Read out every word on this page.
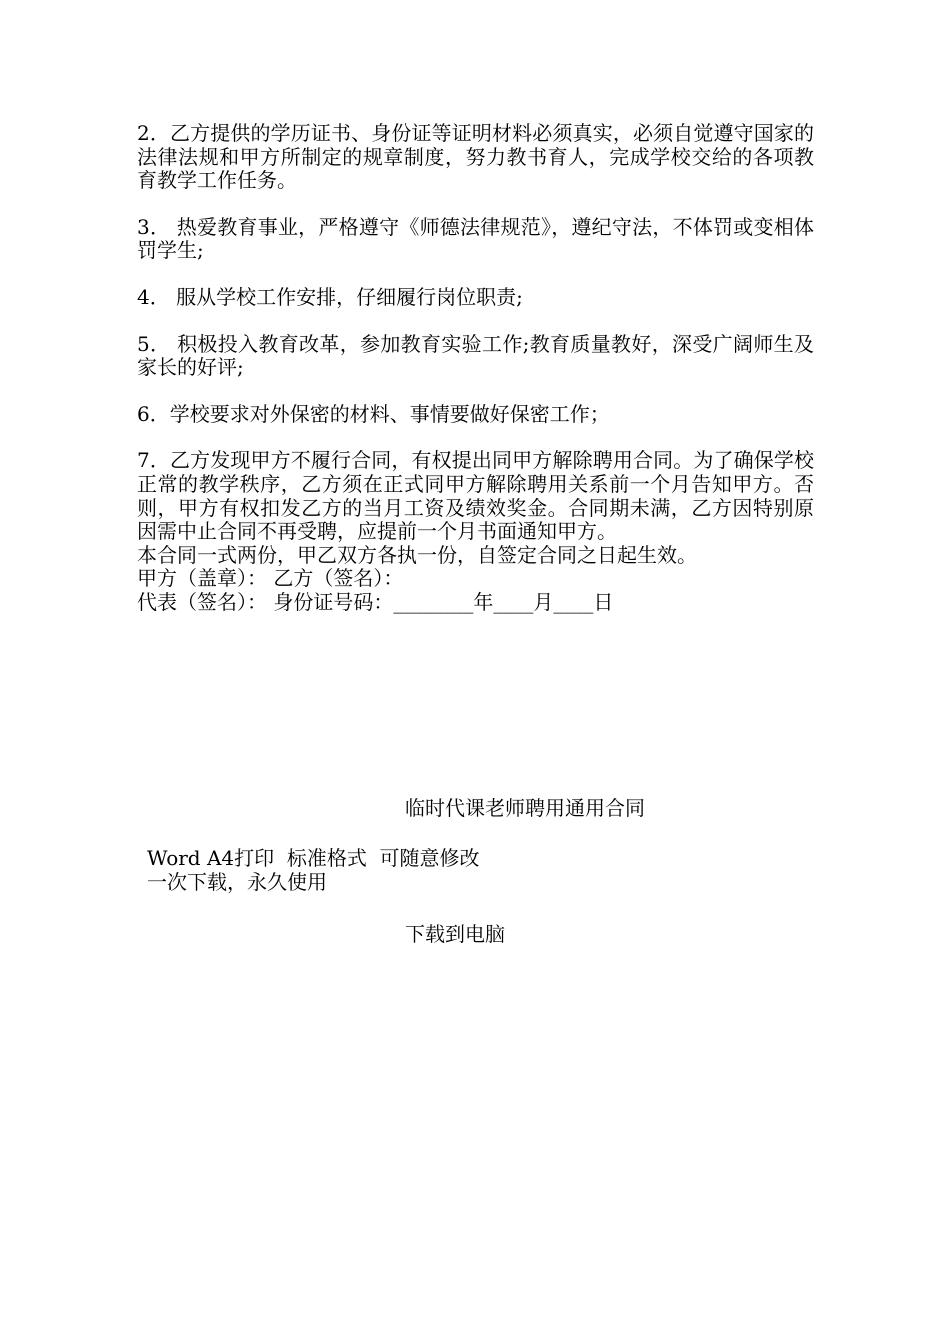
2．乙方提供的学历证书、身份证等证明材料必须真实，必须自觉遵守国家的法律法规和甲方所制定的规章制度，努力教书育人，完成学校交给的各项教育教学工作任务。

3． 热爱教育事业，严格遵守《师德法律规范》，遵纪守法，不体罚或变相体罚学生;

4． 服从学校工作安排，仔细履行岗位职责;

5． 积极投入教育改革，参加教育实验工作;教育质量教好，深受广阔师生及家长的好评;

6．学校要求对外保密的材料、事情要做好保密工作；

7．乙方发现甲方不履行合同，有权提出同甲方解除聘用合同。为了确保学校正常的教学秩序，乙方须在正式同甲方解除聘用关系前一个月告知甲方。否则，甲方有权扣发乙方的当月工资及绩效奖金。合同期未满，乙方因特别原因需中止合同不再受聘，应提前一个月书面通知甲方。

本合同一式两份，甲乙双方各执一份，自签定合同之日起生效。

甲方（盖章）： 乙方（签名）：

代表（签名）： 身份证号码：________年____月____日

临时代课老师聘用通用合同
Word A4打印  标准格式  可随意修改
一次下载，永久使用
下载到电脑
